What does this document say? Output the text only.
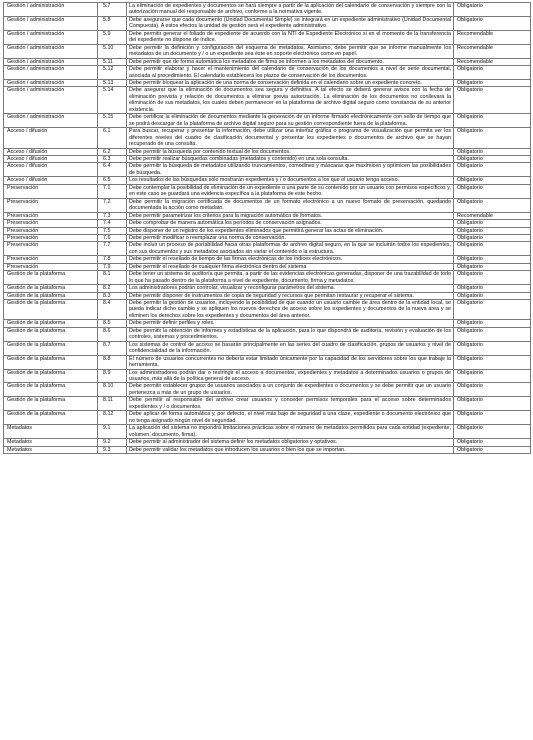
Gestión / administración	5.7	La eliminación de expedientes y documentos se hará siempre a partir de la aplicación del calendario de conservación y siempre con la autorización manual del responsable de archivo, conforme a la normativa vigente.	Obligatorio
Gestión / administración	5.8	Debe asegurarse que cada documento (Unidad Documental Simple) se integrará en un expediente administrativo (Unidad Documental Compuesta). A estos efectos la unidad de gestión será el expediente administrativo.	Obligatorio
Gestión / administración	5.9	Debe permitir generar el foliado de expediente de acuerdo con la NTI de Expediente Electrónico si en el momento de la transferencia del expediente no dispone de índice.	Recomendable
Gestión / administración	5.10	Debe permitir la definición y configuración del esquema de metadatos. Asimismo, debe permitir que se informe manualmente los metadatos de un documento y / o un expediente sea éste en soporte electrónico como en papel.	Recomendable
Gestión / administración	5.11	Debe permitir que de forma automática los metadatos de firma se informen a los metadatos del documento.	Recomendable
Gestión / administración	5.12	Debe permitir elaborar y hacer el mantenimiento del calendario de conservación de los documentos a nivel de serie documental, asociada al procedimiento. El calendario establecerá los plazos de conservación de los documentos.	Obligatorio
Gestión / administración	5.13	Debe permitir bloquear la aplicación de una norma de conservación definida en el calendario sobre un expediente concreto.	Obligatorio
Gestión / administración	5.14	Debe asegurar que la eliminación de documentos sea segura y definitiva. A tal efecto se deberá generar avisos con la fecha de eliminación prevista y relación de documentos a eliminar previa autorización. La eliminación de los documentos no conllevará la eliminación de sus metadatos, los cuales deben permanecer en la plataforma de archivo digital seguro como constancia de su anterior existencia.	Obligatorio
Gestión / administración	5.15	Debe certificar la eliminación de documentos mediante la generación de un informe firmado electrónicamente con sello de tiempo que se podrá descargar de la plataforma de archivo digital seguro para su gestión correspondiente fuera de la plataforma.	Obligatorio
Acceso / difusión	6.1	Para buscar, recuperar y presentar la información, debe utilizar una interfaz gráfica o programa de visualización que permita ver los diferentes niveles del cuadro de clasificación documental y presentar los expedientes o documentos de archivo que se hayan recuperado de una consulta.	Obligatorio
Acceso / difusión	6.2	Debe permitir la búsqueda por contenido textual de los documentos.	Obligatorio
Acceso / difusión	6.3	Debe permitir realizar búsquedas combinadas (metadatos y contenido) en una sola consulta.	Obligatorio
Acceso / difusión	6.4	Debe permitir la búsqueda de metadatos utilizando truncamientos, comodines y máscaras que maximicen y optimicen las posibilidades de búsqueda.	Obligatorio
Acceso / difusión	6.5	Los resultados de las búsquedas sólo mostrarán expedientes y / o documentos a los que el usuario tenga acceso.	Obligatorio
Preservación	7.1	Debe contemplar la posibilidad de eliminación de un expediente o una parte de su contenido por un usuario con permisos específicos y, en este caso se guardará una evidencia específica a la plataforma de este hecho.	Obligatorio
Preservación	7.2	Debe permitir la migración certificada de documentos de un formato electrónico a un nuevo formato de preservación, quedando documentada la acción como metadato.	Obligatorio
Preservación	7.3	Debe permitir parametrizar los criterios para la migración automática de formatos.	Recomendable
Preservación	7.4	Debe comprobar de manera automática los períodos de conservación asignados.	Obligatorio
Preservación	7.5	Debe disponer de un registro de los expedientes eliminados que permitirá generar las actas de eliminación.	Obligatorio
Preservación	7.6	Debe permitir modificar o reemplazar una norma de conservación.	Obligatorio
Preservación	7.7	Debe incluir un proceso de portabilidad hacia otras plataformas de archivo digital seguro, en la que se incluirán todos los expedientes, con sus documentos y sus metadatos asociados sin variar el contenido o la estructura.	Obligatorio
Preservación	7.8	Debe permitir el resellado de tiempo de las firmas electrónicas de los índices electrónicos.	Obligatorio
Preservación	7.9	Debe permitir el resellado de cualquier firma electrónica dentro del sistema	Obligatorio
Gestión de la plataforma	8.1	Debe tener un sistema de auditoría que permita, a partir de las evidencias electrónicas generadas, disponer de una trazabilidad de todo lo que ha pasado dentro de la plataforma a nivel de expediente, documento, firma y metadatos.	Obligatorio
Gestión de la plataforma	8.2	Los administradores podrán controlar, visualizar y reconfigurar parámetros del sistema.	Obligatorio
Gestión de la plataforma	8.3	Debe permitir disponer de instrumentos de copia de seguridad y recursos que permitan restaurar y recuperar el sistema.	Obligatorio
Gestión de la plataforma	8.4	Debe permitir la gestión de usuarios, incluyendo la posibilidad de que cuando un usuario cambie de área dentro de la entidad local, se pueda indicar dicho cambio y se apliquen los nuevos derechos de acceso sobre los expedientes y documentos de la nueva área y se eliminen los derechos sobre los expedientes y documentos del área anterior.	Obligatorio
Gestión de la plataforma	8.5	Debe permitir definir perfiles y roles.	Obligatorio
Gestión de la plataforma	8.6	Debe permitir la obtención de informes y estadísticas de la aplicación, para lo que dispondrá de auditoría, revisión y evaluación de los controles, sistemas y procedimientos.	Obligatorio
Gestión de la plataforma	8.7	Los sistemas de control de acceso se basarán principalmente en las series del cuadro de clasificación, grupos de usuarios y nivel de confidencialidad de la información.	Obligatorio
Gestión de la plataforma	8.8	El número de usuarios concurrentes no debería estar limitado únicamente por la capacidad de los servidores sobre los que trabaje la herramienta.	Obligatorio
Gestión de la plataforma	8.9	Los administradores podrán dar o restringir el acceso a documentos, expedientes y metadatos a determinados usuarios o grupos de usuarios, más allá de la política general de acceso.	Obligatorio
Gestión de la plataforma	8.10	Debe permitir establecer grupos de usuarios asociados a un conjunto de expedientes o documentos y se debe permitir que un usuario pertenezca a más de un grupo de usuarios.	Obligatorio
Gestión de la plataforma	8.11	Debe permitir al responsable del archivo crear usuarios y conceder permisos temporales para el acceso sobre determinados expedientes y / o documentos.	Obligatorio
Gestión de la plataforma	8.12	Debe aplicar de forma automática y, por defecto, el nivel más bajo de seguridad a una clase, expediente o documento electrónico que no tenga asignado ningún nivel de seguridad.	Obligatorio
Metadatos	9.1	La aplicación del sistema no impondrá limitaciones prácticas sobre el número de metadatos permitidos para cada entidad (expediente, volumen, documento, firma).	Obligatorio
Metadatos	9.2	Debe permitir al administrador del sistema definir los metadatos obligatorios y optativos.	Obligatorio
Metadatos	9.3	Debe permitir validar los metadatos que introducen los usuarios o bien los que se importan.	Obligatorio
